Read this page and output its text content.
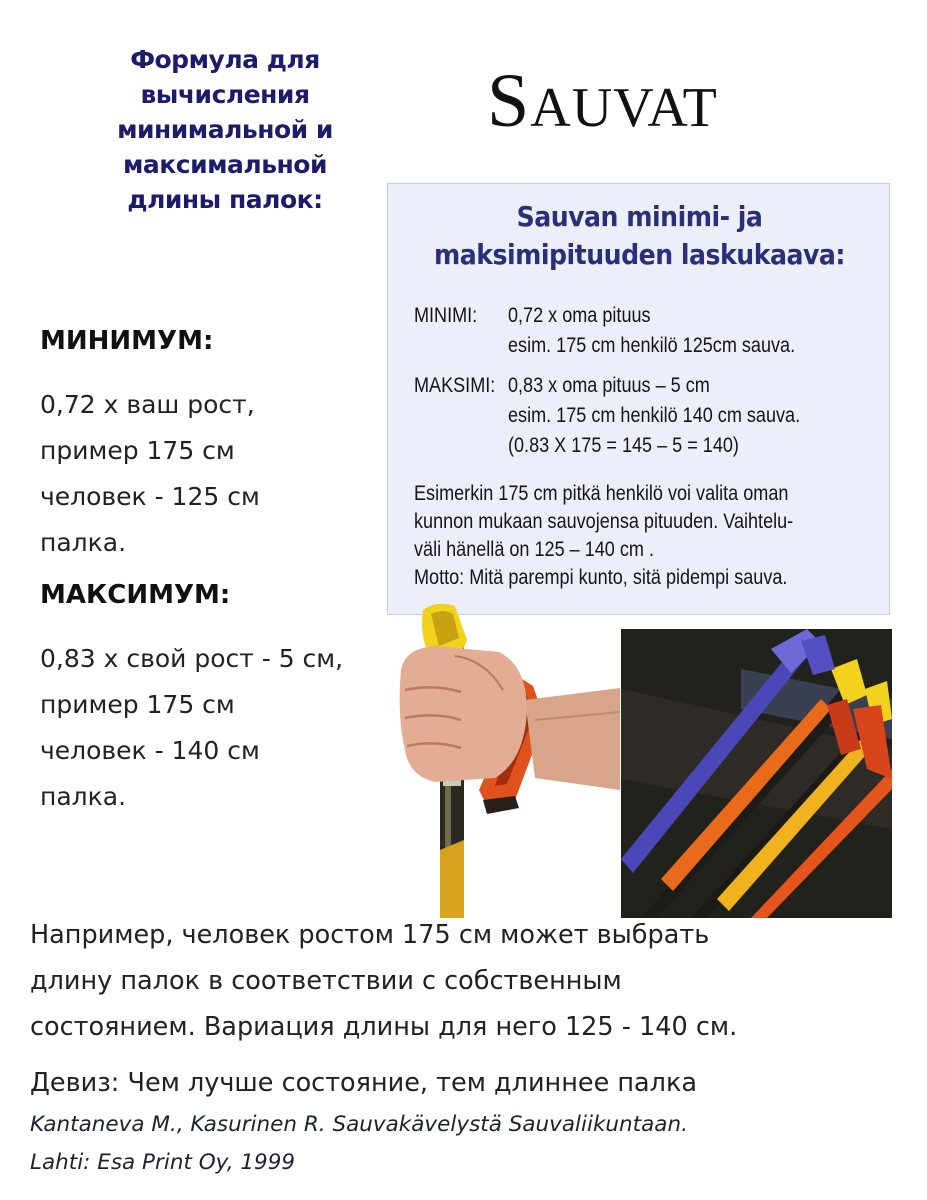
Формула для
вычисления
минимальной и
максимальной
длины палок:
SAUVAT
Sauvan minimi- ja
maksimipituuden laskukaava:
MINIMI: 0,72 x oma pituus
esim. 175 cm henkilö 125cm sauva.
MAKSIMI: 0,83 x oma pituus – 5 cm
esim. 175 cm henkilö 140 cm sauva.
(0.83 X 175 = 145 – 5 = 140)
Esimerkin 175 cm pitkä henkilö voi valita oman
kunnon mukaan sauvojensa pituuden. Vaihtelu-
väli hänellä on 125 – 140 cm .
Motto: Mitä parempi kunto, sitä pidempi sauva.
МИНИМУМ:
0,72 х ваш рост,
пример 175 см
человек - 125 см
палка.
МАКСИМУМ:
0,83 х свой рост - 5 см,
пример 175 см
человек - 140 см
палка.
Например, человек ростом 175 см может выбрать
длину палок в соответствии с собственным
состоянием. Вариация длины для него 125 - 140 см.
Девиз: Чем лучше состояние, тем длиннее палка
Kantaneva M., Kasurinen R. Sauvakävelystä Sauvaliikuntaan.
Lahti: Esa Print Oy, 1999
